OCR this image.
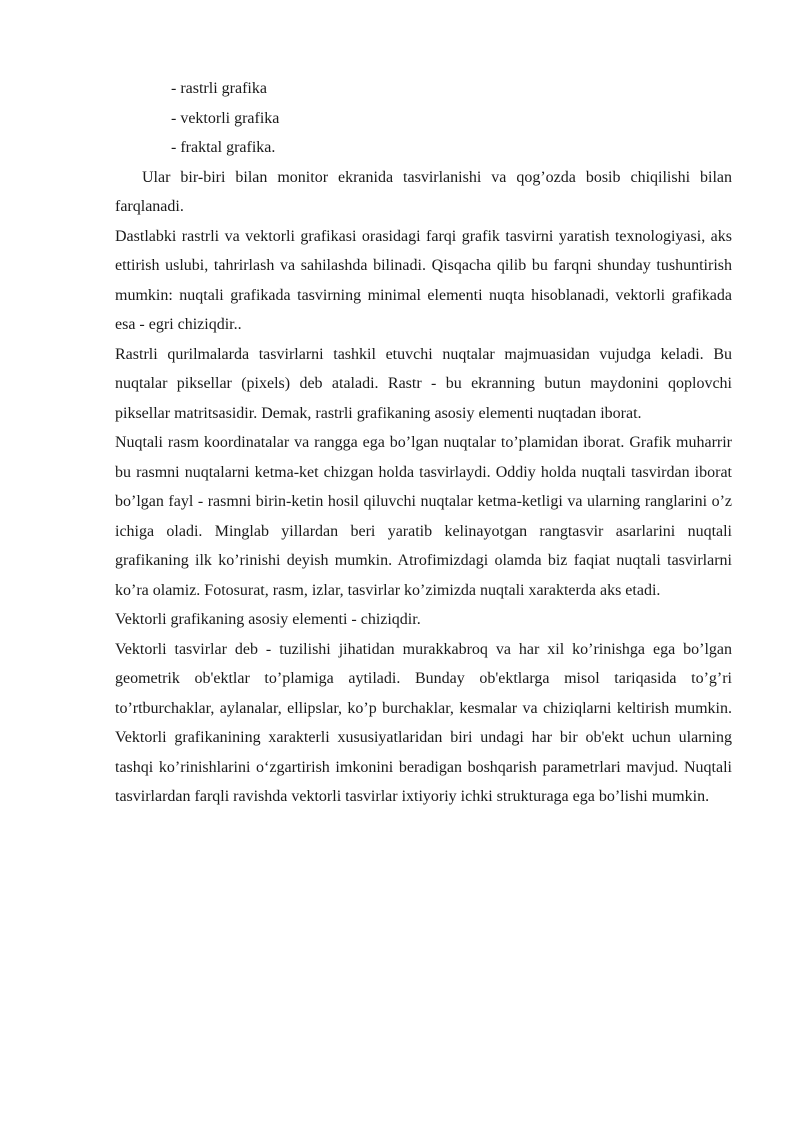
- rastrli grafika
- vektorli grafika
- fraktal grafika.

Ular bir-biri bilan monitor ekranida tasvirlanishi va qog’ozda bosib chiqilishi bilan farqlanadi.

Dastlabki rastrli va vektorli grafikasi orasidagi farqi grafik tasvirni yaratish texnologiyasi, aks ettirish uslubi, tahrirlash va sahilashda bilinadi. Qisqacha qilib bu farqni shunday tushuntirish mumkin: nuqtali grafikada tasvirning minimal elementi nuqta hisoblanadi, vektorli grafikada esa - egri chiziqdir..

Rastrli qurilmalarda tasvirlarni tashkil etuvchi nuqtalar majmuasidan vujudga keladi. Bu nuqtalar piksellar (pixels) deb ataladi. Rastr - bu ekranning butun maydonini qoplovchi piksellar matritsasidir. Demak, rastrli grafikaning asosiy elementi nuqtadan iborat.

Nuqtali rasm koordinatalar va rangga ega bo’lgan nuqtalar to’plamidan iborat. Grafik muharrir bu rasmni nuqtalarni ketma-ket chizgan holda tasvirlaydi. Oddiy holda nuqtali tasvirdan iborat bo’lgan fayl - rasmni birin-ketin hosil qiluvchi nuqtalar ketma-ketligi va ularning ranglarini o’z ichiga oladi. Minglab yillardan beri yaratib kelinayotgan rangtasvir asarlarini nuqtali grafikaning ilk ko’rinishi deyish mumkin. Atrofimizdagi olamda biz faqiat nuqtali tasvirlarni ko’ra olamiz. Fotosurat, rasm, izlar, tasvirlar ko’zimizda nuqtali xarakterda aks etadi.

Vektorli grafikaning asosiy elementi - chiziqdir.

Vektorli tasvirlar deb - tuzilishi jihatidan murakkabroq va har xil ko’rinishga ega bo’lgan geometrik ob'ektlar to’plamiga aytiladi. Bunday ob'ektlarga misol tariqasida to’g’ri to’rtburchaklar, aylanalar, ellipslar, ko’p burchaklar, kesmalar va chiziqlarni keltirish mumkin. Vektorli grafikanining xarakterli xususiyatlaridan biri undagi har bir ob'ekt uchun ularning tashqi ko’rinishlarini o‘zgartirish imkonini beradigan boshqarish parametrlari mavjud. Nuqtali tasvirlardan farqli ravishda vektorli tasvirlar ixtiyoriy ichki strukturaga ega bo’lishi mumkin.
